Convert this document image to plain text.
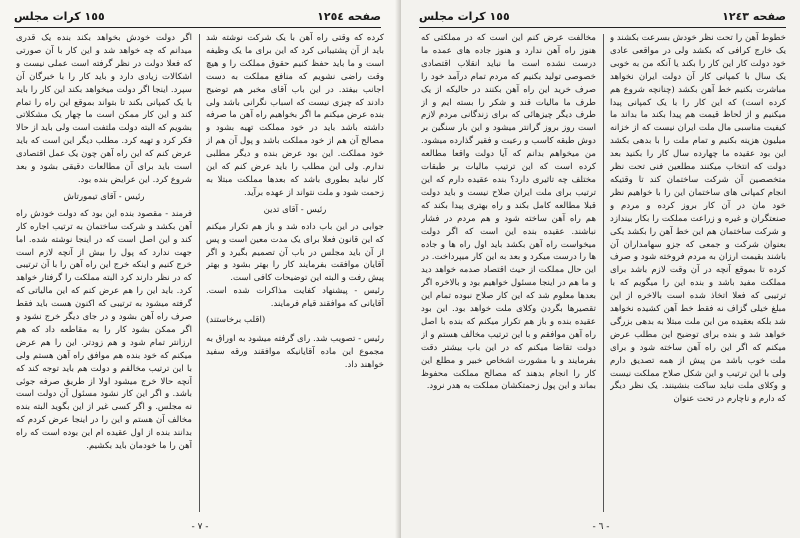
صفحه ١٢٥٤
١٥٥ کرات مجلس

کرده که وقتی راه آهن با یک شرکت نوشته شد باید از آن پشتیبانی کرد که این برای ما یک وظیفه است و ما باید حفظ کنیم حقوق مملکت را و هیچ وقت راضی نشویم که منافع مملکت به دست اجانب بیفتد. در این باب آقای مخبر هم توضیح دادند که چیزی نیست که اسباب نگرانی باشد ولی بنده عرض میکنم ما اگر بخواهیم راه آهن ما صرفه داشته باشد باید در خود مملکت تهیه بشود و مصالح آن هم از خود مملکت باشد و پول آن هم از خود مملکت. این بود عرض بنده و دیگر مطلبی ندارم. ولی این مطلب را باید عرض کنم که این کار نباید بطوری باشد که بعدها مملکت مبتلا به زحمت شود و ملت نتواند از عهده برآید.

رئیس - آقای تدین

جوابی در این باب داده شد و باز هم تکرار میکنم که این قانون فعلا برای یک مدت معین است و پس از آن باید مجلس در باب آن تصمیم بگیرد و اگر آقایان موافقت بفرمایند کار را بهتر بشود و بهتر پیش رفت و البته این توضیحات کافی است.

رئیس - پیشنهاد کفایت مذاکرات شده است. آقایانی که موافقند قیام فرمایند.

(اقلب برخاستند)

رئیس - تصویب شد. رای گرفته میشود به اوراق به مجموع این ماده آقایانیکه موافقند ورقه سفید خواهند داد.

اگر دولت خودش بخواهد بکند بنده یک قدری میدانم که چه خواهد شد و این کار با آن صورتی که فعلا دولت در نظر گرفته است عملی نیست و اشکالات زیادی دارد و باید کار را با خبرگان آن سپرد. اینجا اگر دولت میخواهد بکند این کار را باید با یک کمپانی بکند تا بتواند بموقع این راه را تمام کند و این کار ممکن است ما چهار یک مشکلاتی بشویم که البته دولت ملتفت است ولی باید از حالا فکر کرد و تهیه کرد. مطلب دیگر این است که باید عرض کنم که این راه آهن چون یک عمل اقتصادی است باید برای آن مطالعات دقیقی بشود و بعد شروع کرد. این عرایض بنده بود.

رئیس - آقای تیمورتاش

فرمند - مقصود بنده این بود که دولت خودش راه آهن بکشد و شرکت ساختمان به ترتیب اجاره کار کند و این اصل است که در اینجا نوشته شده. اما جهت ندارد که پول را بیش از آنچه لازم است خرج کنیم و اینکه خرج این راه آهن را با آن ترتیبی که در نظر دارند کرد البته مملکت را گرفتار خواهد کرد. باید این را هم عرض کنم که این مالیاتی که گرفته میشود به ترتیبی که اکنون هست باید فقط صرف راه آهن بشود و در جای دیگر خرج نشود و اگر ممکن بشود کار را به مقاطعه داد که هم ارزانتر تمام شود و هم زودتر. این را هم عرض میکنم که خود بنده هم موافق راه آهن هستم ولی با این ترتیب مخالفم و دولت هم باید توجه کند که آنچه حالا خرج میشود اولا از طریق صرفه جوئی باشد. و اگر این کار نشود مسئول آن دولت است نه مجلس. و اگر کسی غیر از این بگوید البته بنده مخالف آن هستم و این را در اینجا عرض کردم که بدانند بنده از اول عقیده ام این بوده است که راه آهن را ما خودمان باید بکشیم.

- ٧ -
صفحه ١٢٤٣
١٥٥ کرات مجلس

خطوط آهن را تحت نظر خودش بسرعت بکشند و یک خارج کرافی که بکشد ولی در مواقعی عادی خود دولت کار این کار را بکند یا آنکه من به خوبی یک سال با کمپانی کار آن دولت ایران نخواهد مباشرت بکنیم خط آهن بکشد (چنانچه شروع هم کرده است) که این کار را با یک کمپانی پیدا میکنیم و از لحاظ قیمت هم پیدا بکند ما بداند ما کیفیت مناسبی مال ملت ایران نیست که از خزانه میلیون هزینه بکنیم و تمام ملت را با بدهی بکشد این بود عقیده ما چهارده سال کار را بکنید بعد دولت که انتخاب میکنند مطلعین فنی تحت نظر متخصصین آن شرکت ساختمان کند تا وقتیکه انجام کمپانی های ساختمان این را با خواهیم نظر خود مان در آن کار بروز کرده و مردم و صنعتگران و غیره و زراعت مملکت را بکار بیندازد و شرکت ساختمان هم این خط آهن را بکشد یکی بعنوان شرکت و جمعی که جزو سهامداران آن باشند بقیمت ارزان به مردم فروخته شود و صرف کرده تا بموقع آنچه در آن وقت لازم باشد برای مملکت مفید باشد و بنده این را میگویم که با ترتیبی که فعلا اتخاذ شده است بالاخره از این مبلغ خیلی گزاف نه فقط خط آهن کشیده نخواهد شد بلکه بعقیده من این ملت مبتلا به بدهی بزرگی خواهد شد و بنده برای توضیح این مطلب عرض میکنم که اگر این راه آهن ساخته شود و برای ملت خوب باشد من پیش از همه تصدیق دارم ولی با این ترتیب و این شکل صلاح مملکت نیست و وکلای ملت نباید ساکت بنشینند. یک نظر دیگر که دارم و ناچارم در تحت عنوان

مخالفت عرض کنم این است که در مملکتی که هنوز راه آهن ندارد و هنوز جاده های عمده ما درست نشده است ما نباید انقلاب اقتصادی خصوصی تولید بکنیم که مردم تمام درآمد خود را صرف خرید این راه آهن بکنند در حالیکه از یک طرف ما مالیات قند و شکر را بسته ایم و از طرف دیگر چیزهائی که برای زندگانی مردم لازم است روز بروز گرانتر میشود و این بار سنگین بر دوش طبقه کاسب و رعیت و فقیر گذارده میشود. من میخواهم بدانم که آیا دولت واقعا مطالعه کرده است که این ترتیب مالیات بر طبقات مختلف چه تاثیری دارد؟ بنده عقیده دارم که این ترتیب برای ملت ایران صلاح نیست و باید دولت قبلا مطالعه کامل بکند و راه بهتری پیدا بکند که هم راه آهن ساخته شود و هم مردم در فشار نباشند. عقیده بنده این است که اگر دولت میخواست راه آهن بکشد باید اول راه ها و جاده ها را درست میکرد و بعد به این کار میپرداخت. در این حال مملکت از حیث اقتصاد صدمه خواهد دید و ما هم در اینجا مسئول خواهیم بود و بالاخره اگر بعدها معلوم شد که این کار صلاح نبوده تمام این تقصیرها بگردن وکلای ملت خواهد بود. این بود عقیده بنده و باز هم تکرار میکنم که بنده با اصل راه آهن موافقم و با این ترتیب مخالف هستم و از دولت تقاضا میکنم که در این باب بیشتر دقت بفرمایند و با مشورت اشخاص خبیر و مطلع این کار را انجام بدهند که مصالح مملکت محفوظ بماند و این پول زحمتکشان مملکت به هدر نرود.

- ٦ -
